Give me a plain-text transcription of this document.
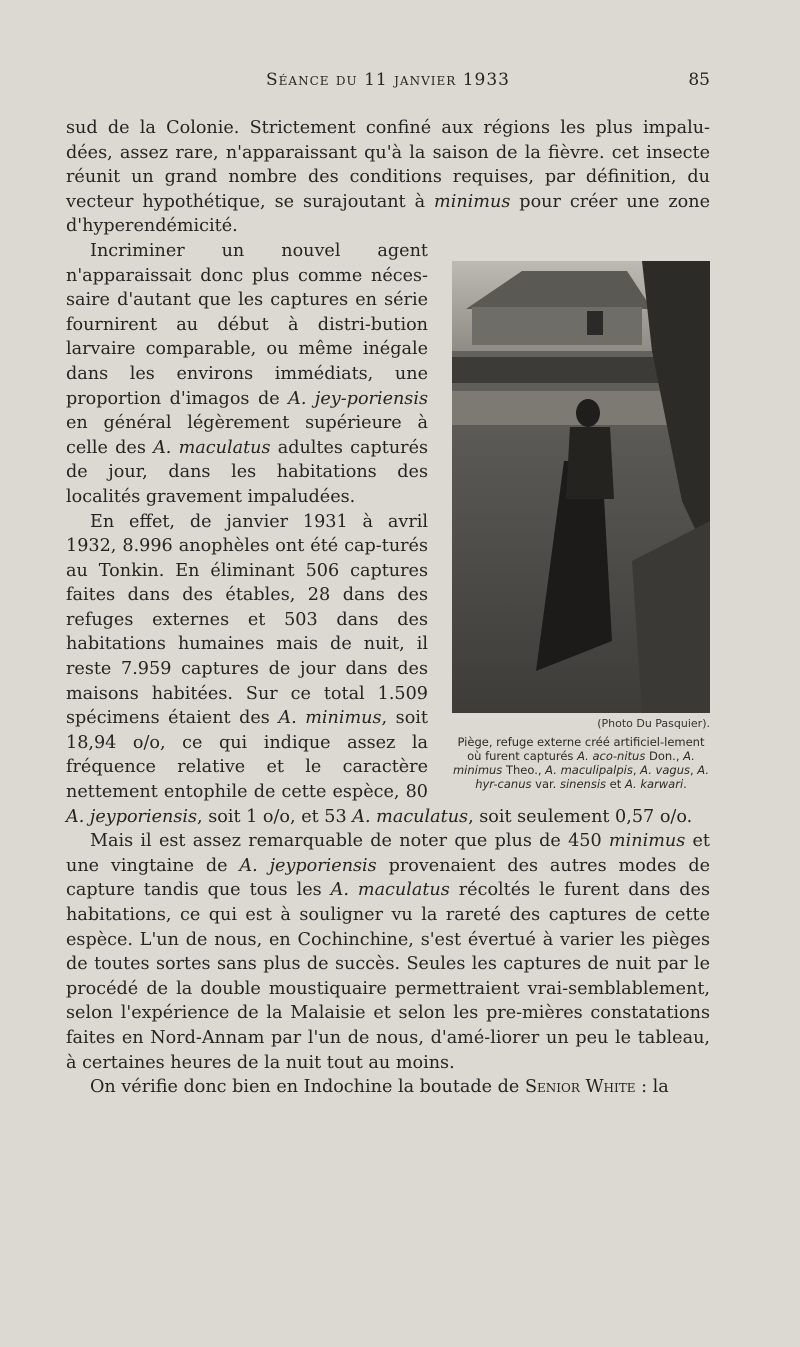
Séance du 11 janvier 1933	85

sud de la Colonie. Strictement confiné aux régions les plus impalu-dées, assez rare, n'apparaissant qu'à la saison de la fièvre. cet insecte réunit un grand nombre des conditions requises, par définition, du vecteur hypothétique, se surajoutant à minimus pour créer une zone d'hyperendémicité.

(Photo Du Pasquier).
Piège, refuge externe créé artificiel-lement où furent capturés A. aco-nitus Don., A. minimus Theo., A. maculipalpis, A. vagus, A. hyr-canus var. sinensis et A. karwari.

Incriminer un nouvel agent n'apparaissait donc plus comme néces-saire d'autant que les captures en série fournirent au début à distri-bution larvaire comparable, ou même inégale dans les environs immédiats, une proportion d'imagos de A. jey-poriensis en général légèrement supérieure à celle des A. maculatus adultes capturés de jour, dans les habitations des localités gravement impaludées.

En effet, de janvier 1931 à avril 1932, 8.996 anophèles ont été cap-turés au Tonkin. En éliminant 506 captures faites dans des étables, 28 dans des refuges externes et 503 dans des habitations humaines mais de nuit, il reste 7.959 captures de jour dans des maisons habitées. Sur ce total 1.509 spécimens étaient des A. minimus, soit 18,94 o/o, ce qui indique assez la fréquence relative et le caractère nettement entophile de cette espèce, 80 A. jeyporiensis, soit 1 o/o, et 53 A. maculatus, soit seulement 0,57 o/o.

Mais il est assez remarquable de noter que plus de 450 minimus et une vingtaine de A. jeyporiensis provenaient des autres modes de capture tandis que tous les A. maculatus récoltés le furent dans des habitations, ce qui est à souligner vu la rareté des captures de cette espèce. L'un de nous, en Cochinchine, s'est évertué à varier les pièges de toutes sortes sans plus de succès. Seules les captures de nuit par le procédé de la double moustiquaire permettraient vrai-semblablement, selon l'expérience de la Malaisie et selon les pre-mières constatations faites en Nord-Annam par l'un de nous, d'amé-liorer un peu le tableau, à certaines heures de la nuit tout au moins.

On vérifie donc bien en Indochine la boutade de Senior White : la
